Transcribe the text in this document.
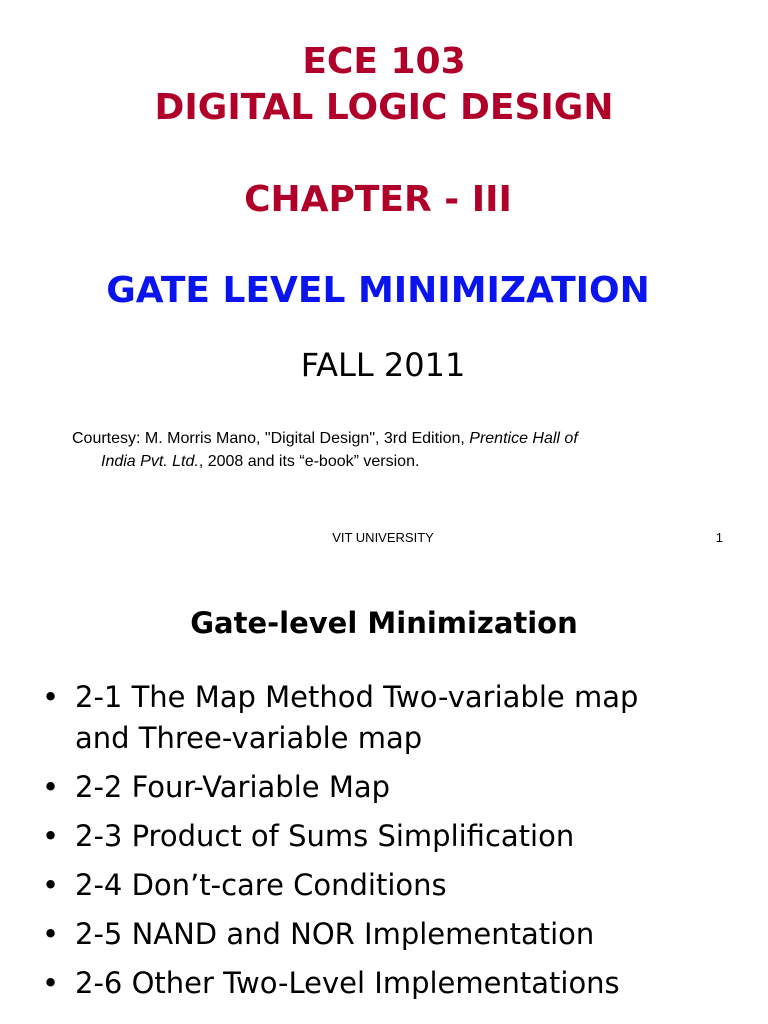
ECE 103
DIGITAL LOGIC DESIGN
CHAPTER - III
GATE LEVEL MINIMIZATION
FALL 2011
Courtesy: M. Morris Mano, "Digital Design", 3rd Edition, Prentice Hall of
India Pvt. Ltd., 2008 and its “e-book” version.
VIT UNIVERSITY	1
Gate-level Minimization
• 2-1 The Map Method Two-variable map
and Three-variable map
• 2-2 Four-Variable Map
• 2-3 Product of Sums Simplification
• 2-4 Don’t-care Conditions
• 2-5 NAND and NOR Implementation
• 2-6 Other Two-Level Implementations
